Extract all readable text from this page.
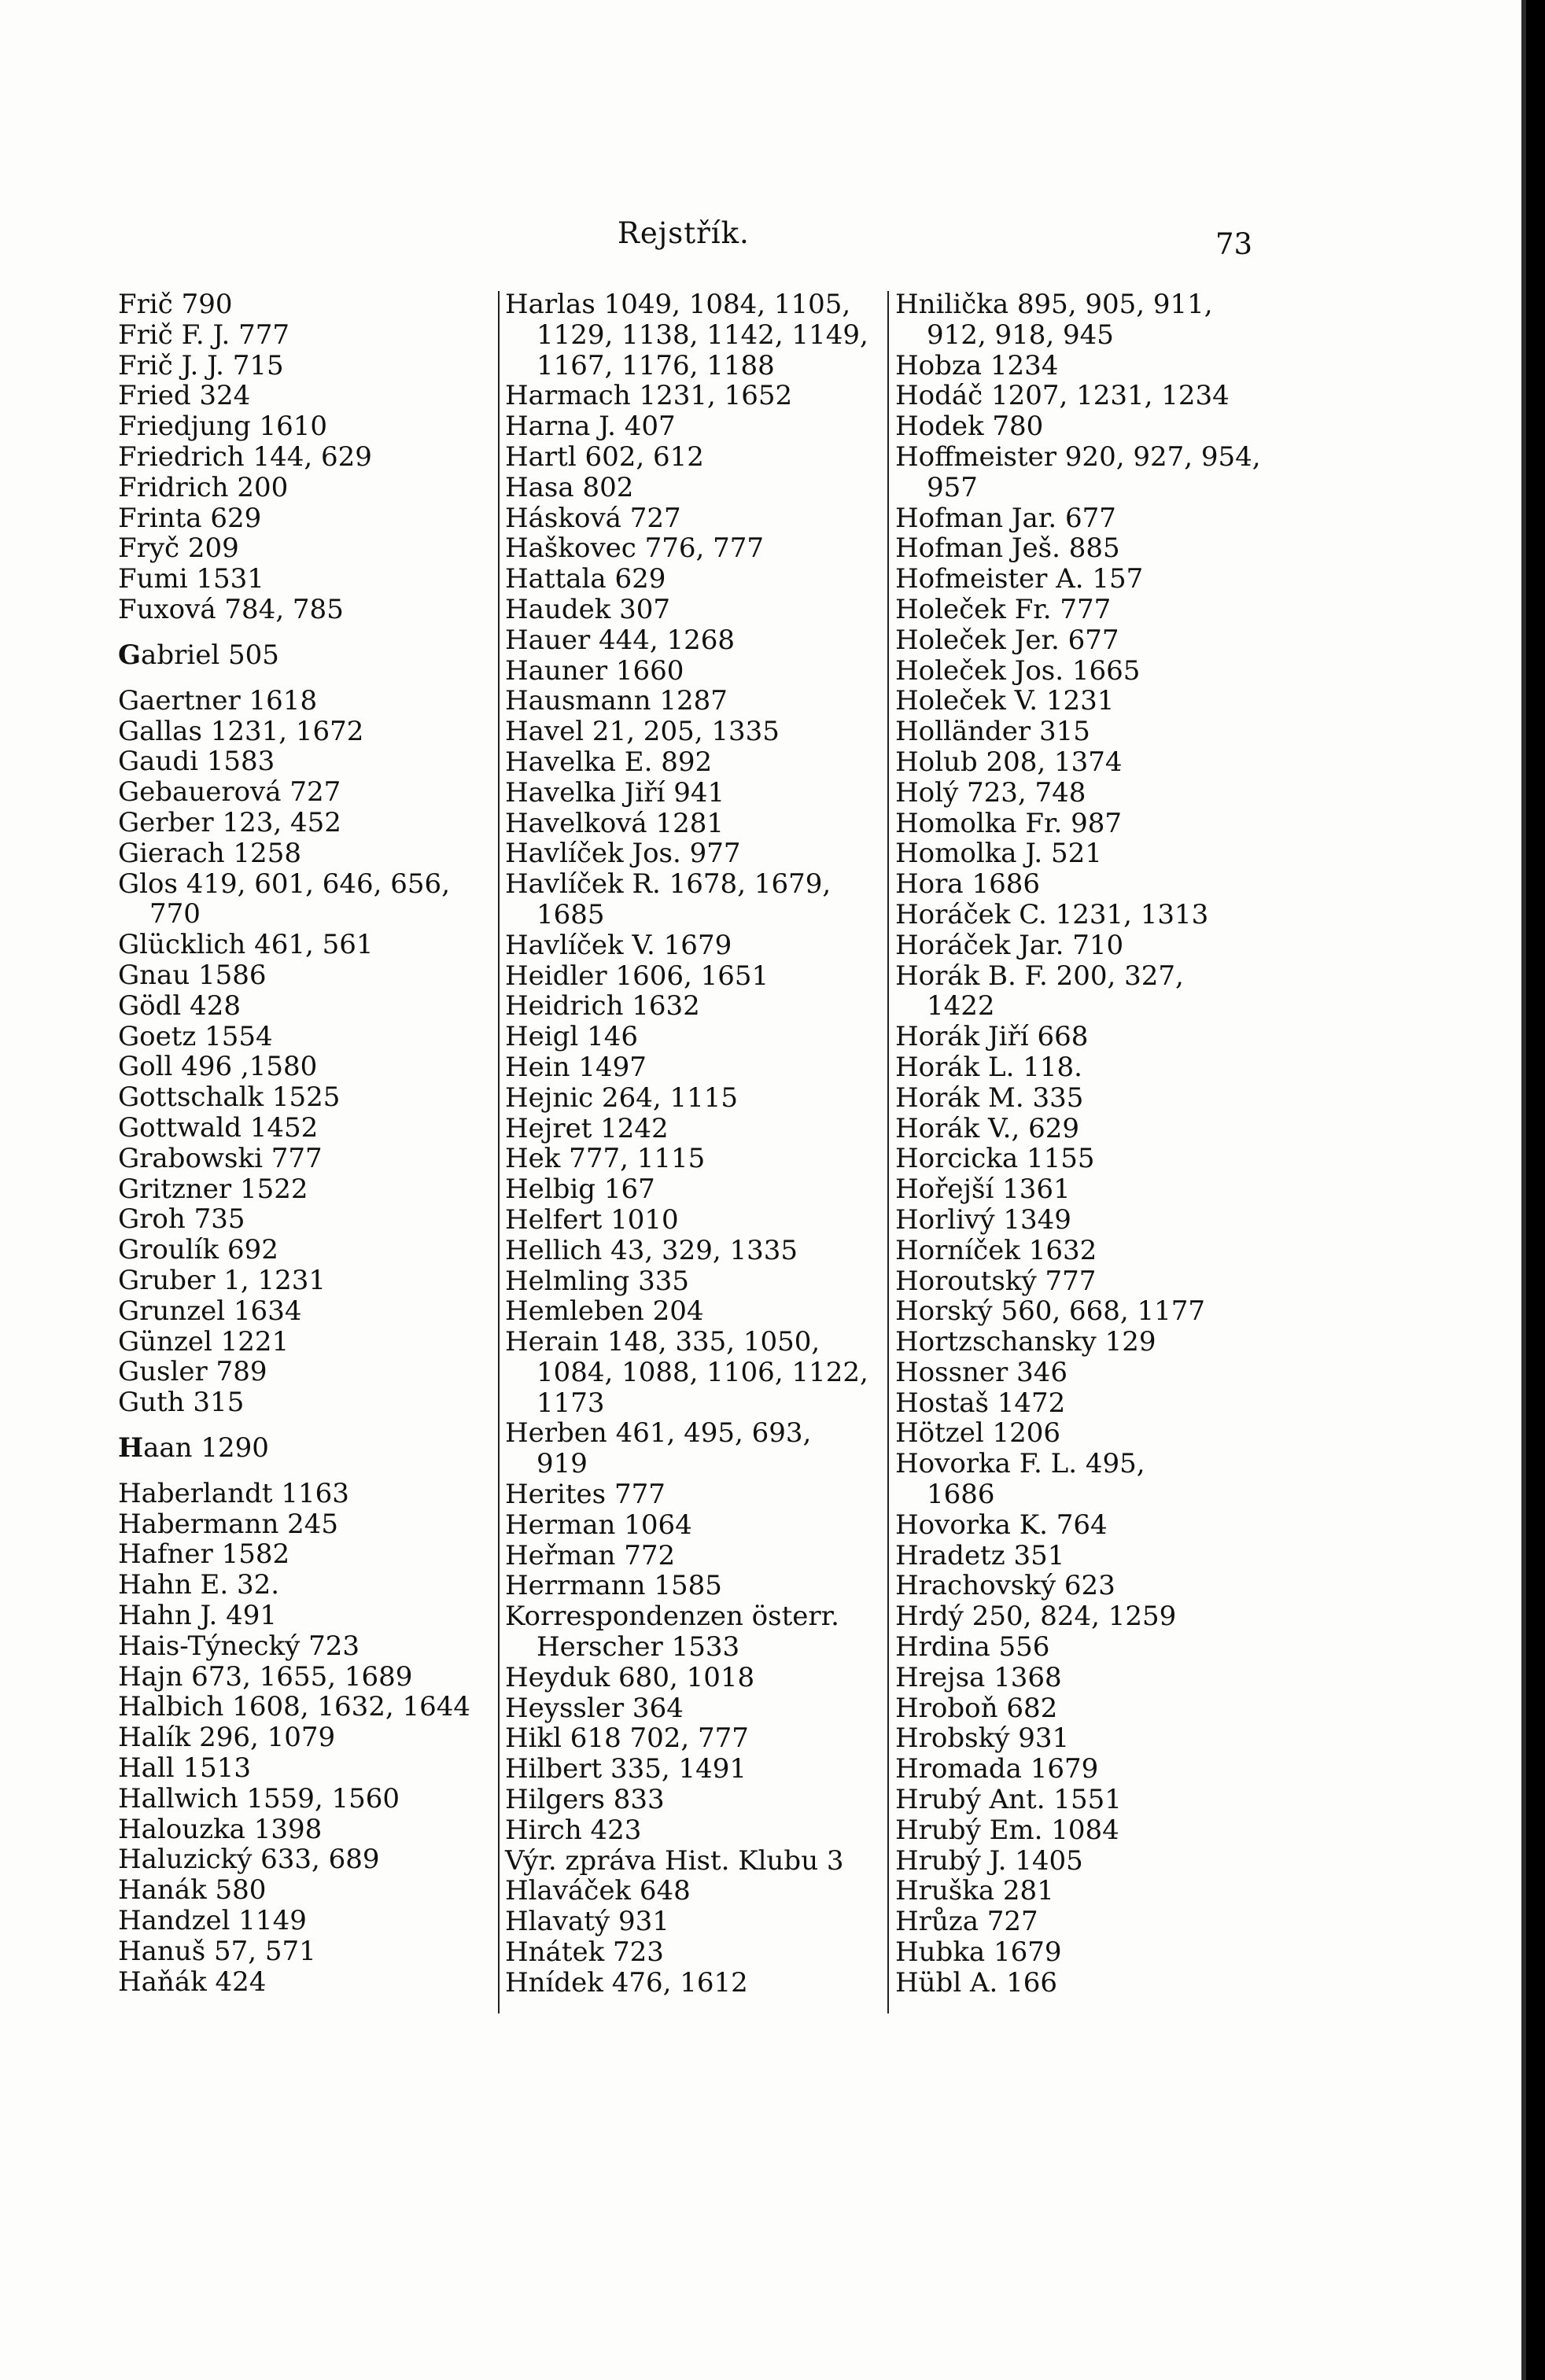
Rejstřík.	73
Frič 790
Frič F. J. 777
Frič J. J. 715
Fried 324
Friedjung 1610
Friedrich 144, 629
Fridrich 200
Frinta 629
Fryč 209
Fumi 1531
Fuxová 784, 785
Gabriel 505
Gaertner 1618
Gallas 1231, 1672
Gaudi 1583
Gebauerová 727
Gerber 123, 452
Gierach 1258
Glos 419, 601, 646, 656,
770
Glücklich 461, 561
Gnau 1586
Gödl 428
Goetz 1554
Goll 496 ,1580
Gottschalk 1525
Gottwald 1452
Grabowski 777
Gritzner 1522
Groh 735
Groulík 692
Gruber 1, 1231
Grunzel 1634
Günzel 1221
Gusler 789
Guth 315
Haan 1290
Haberlandt 1163
Habermann 245
Hafner 1582
Hahn E. 32.
Hahn J. 491
Hais-Týnecký 723
Hajn 673, 1655, 1689
Halbich 1608, 1632, 1644
Halík 296, 1079
Hall 1513
Hallwich 1559, 1560
Halouzka 1398
Haluzický 633, 689
Hanák 580
Handzel 1149
Hanuš 57, 571
Haňák 424
Harlas 1049, 1084, 1105,
1129, 1138, 1142, 1149,
1167, 1176, 1188
Harmach 1231, 1652
Harna J. 407
Hartl 602, 612
Hasa 802
Hásková 727
Haškovec 776, 777
Hattala 629
Haudek 307
Hauer 444, 1268
Hauner 1660
Hausmann 1287
Havel 21, 205, 1335
Havelka E. 892
Havelka Jiří 941
Havelková 1281
Havlíček Jos. 977
Havlíček R. 1678, 1679,
1685
Havlíček V. 1679
Heidler 1606, 1651
Heidrich 1632
Heigl 146
Hein 1497
Hejnic 264, 1115
Hejret 1242
Hek 777, 1115
Helbig 167
Helfert 1010
Hellich 43, 329, 1335
Helmling 335
Hemleben 204
Herain 148, 335, 1050,
1084, 1088, 1106, 1122,
1173
Herben 461, 495, 693,
919
Herites 777
Herman 1064
Heřman 772
Herrmann 1585
Korrespondenzen österr.
Herscher 1533
Heyduk 680, 1018
Heyssler 364
Hikl 618 702, 777
Hilbert 335, 1491
Hilgers 833
Hirch 423
Výr. zpráva Hist. Klubu 3
Hlaváček 648
Hlavatý 931
Hnátek 723
Hnídek 476, 1612
Hnilička 895, 905, 911,
912, 918, 945
Hobza 1234
Hodáč 1207, 1231, 1234
Hodek 780
Hoffmeister 920, 927, 954,
957
Hofman Jar. 677
Hofman Ješ. 885
Hofmeister A. 157
Holeček Fr. 777
Holeček Jer. 677
Holeček Jos. 1665
Holeček V. 1231
Holländer 315
Holub 208, 1374
Holý 723, 748
Homolka Fr. 987
Homolka J. 521
Hora 1686
Horáček C. 1231, 1313
Horáček Jar. 710
Horák B. F. 200, 327,
1422
Horák Jiří 668
Horák L. 118.
Horák M. 335
Horák V., 629
Horcicka 1155
Hořejší 1361
Horlivý 1349
Horníček 1632
Horoutský 777
Horský 560, 668, 1177
Hortzschansky 129
Hossner 346
Hostaš 1472
Hötzel 1206
Hovorka F. L. 495,
1686
Hovorka K. 764
Hradetz 351
Hrachovský 623
Hrdý 250, 824, 1259
Hrdina 556
Hrejsa 1368
Hroboň 682
Hrobský 931
Hromada 1679
Hrubý Ant. 1551
Hrubý Em. 1084
Hrubý J. 1405
Hruška 281
Hrůza 727
Hubka 1679
Hübl A. 166
